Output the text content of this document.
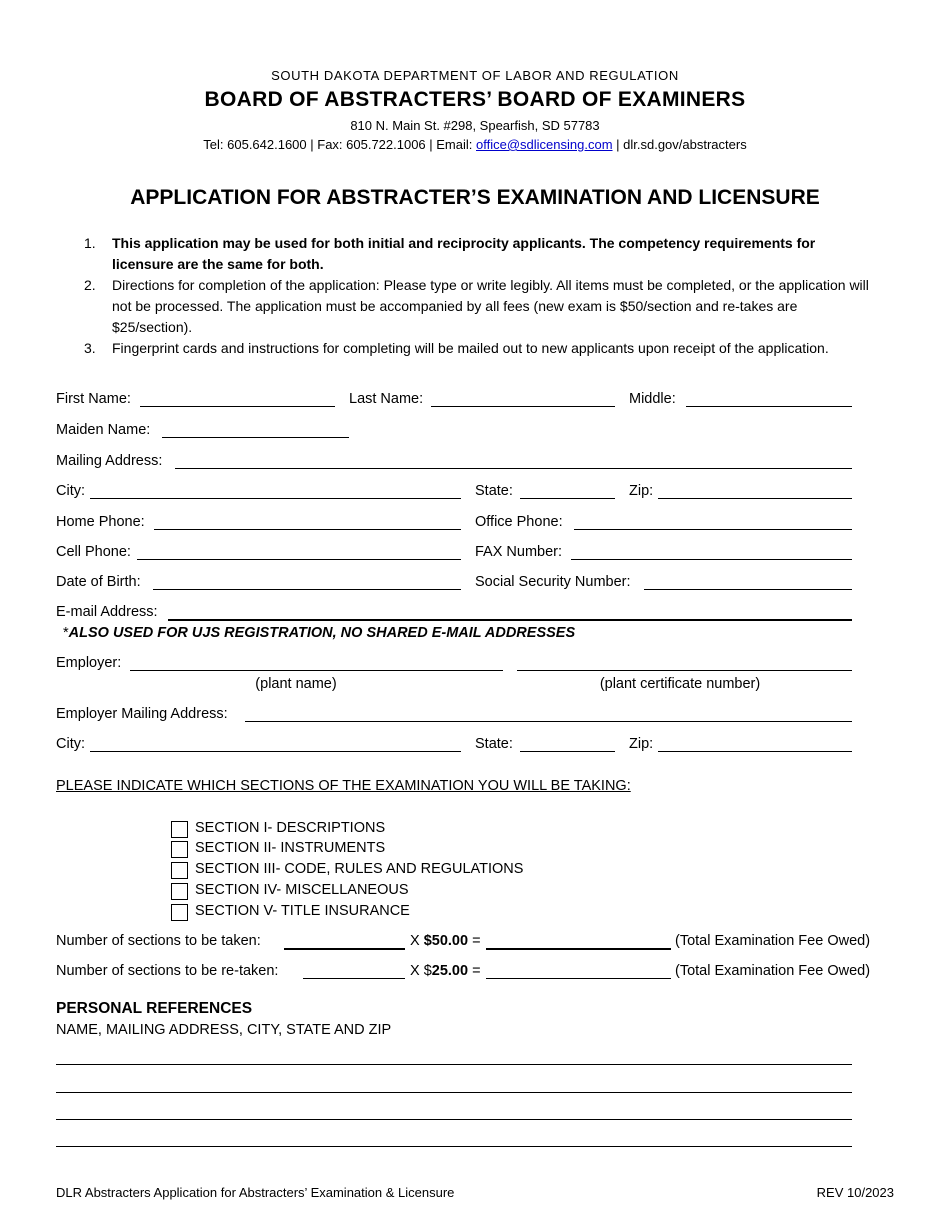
SOUTH DAKOTA DEPARTMENT OF LABOR AND REGULATION
BOARD OF ABSTRACTERS’ BOARD OF EXAMINERS
810 N. Main St. #298, Spearfish, SD 57783
Tel: 605.642.1600 | Fax: 605.722.1006 | Email: office@sdlicensing.com | dlr.sd.gov/abstracters
APPLICATION FOR ABSTRACTER’S EXAMINATION AND LICENSURE
1. This application may be used for both initial and reciprocity applicants. The competency requirements for licensure are the same for both.
2. Directions for completion of the application: Please type or write legibly. All items must be completed, or the application will not be processed. The application must be accompanied by all fees (new exam is $50/section and re-takes are $25/section).
3. Fingerprint cards and instructions for completing will be mailed out to new applicants upon receipt of the application.
First Name:	Last Name:	Middle:
Maiden Name:
Mailing Address:
City:	State:	Zip:
Home Phone:	Office Phone:
Cell Phone:	FAX Number:
Date of Birth:	Social Security Number:
E-mail Address:
*ALSO USED FOR UJS REGISTRATION, NO SHARED E-MAIL ADDRESSES
Employer:
(plant name)	(plant certificate number)
Employer Mailing Address:
City:	State:	Zip:
PLEASE INDICATE WHICH SECTIONS OF THE EXAMINATION YOU WILL BE TAKING:
SECTION I- DESCRIPTIONS
SECTION II- INSTRUMENTS
SECTION III- CODE, RULES AND REGULATIONS
SECTION IV- MISCELLANEOUS
SECTION V- TITLE INSURANCE
Number of sections to be taken:	X $50.00 =	(Total Examination Fee Owed)
Number of sections to be re-taken:	X $25.00 =	(Total Examination Fee Owed)
PERSONAL REFERENCES
NAME, MAILING ADDRESS, CITY, STATE AND ZIP
DLR Abstracters Application for Abstracters’ Examination & Licensure	REV 10/2023
